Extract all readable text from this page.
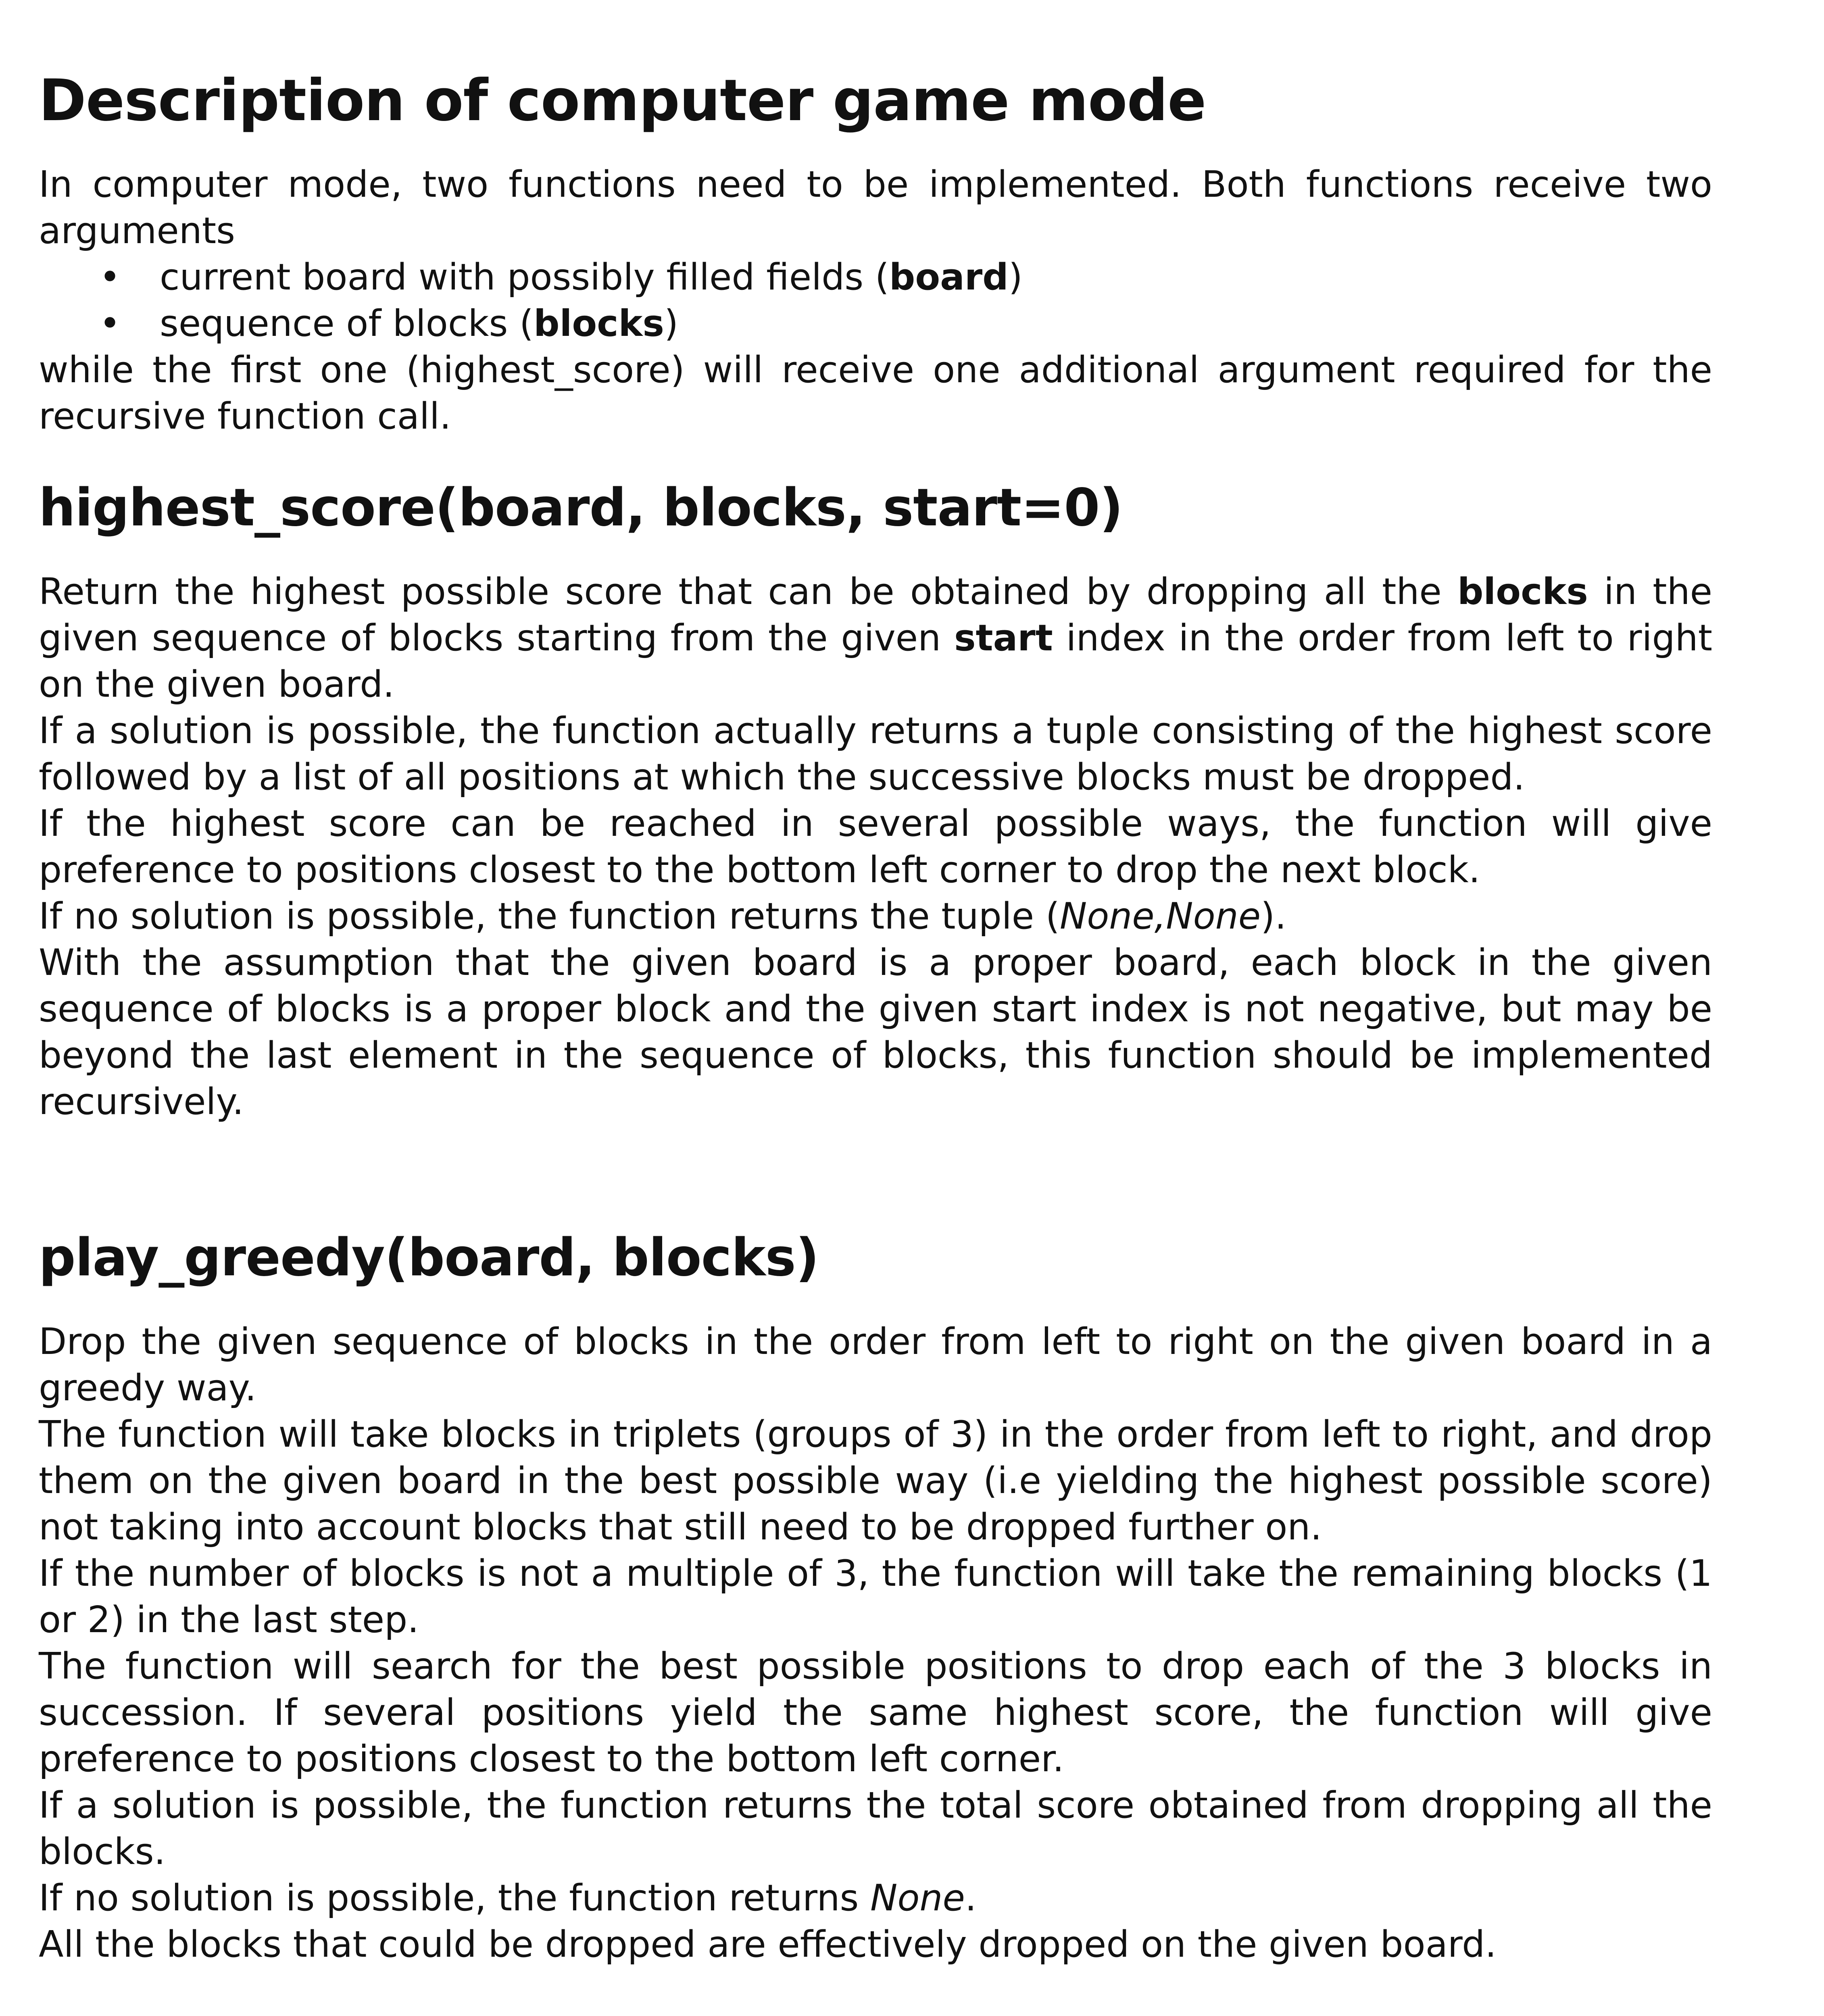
Description of computer game mode

In computer mode, two functions need to be implemented. Both functions receive two arguments

• current board with possibly filled fields (board)
• sequence of blocks (blocks)

while the first one (highest_score) will receive one additional argument required for the recursive function call.

highest_score(board, blocks, start=0)

Return the highest possible score that can be obtained by dropping all the blocks in the given sequence of blocks starting from the given start index in the order from left to right on the given board.

If a solution is possible, the function actually returns a tuple consisting of the highest score followed by a list of all positions at which the successive blocks must be dropped.

If the highest score can be reached in several possible ways, the function will give preference to positions closest to the bottom left corner to drop the next block.

If no solution is possible, the function returns the tuple (None,None).

With the assumption that the given board is a proper board, each block in the given sequence of blocks is a proper block and the given start index is not negative, but may be beyond the last element in the sequence of blocks, this function should be implemented recursively.

play_greedy(board, blocks)

Drop the given sequence of blocks in the order from left to right on the given board in a greedy way.

The function will take blocks in triplets (groups of 3) in the order from left to right, and drop them on the given board in the best possible way (i.e yielding the highest possible score) not taking into account blocks that still need to be dropped further on.

If the number of blocks is not a multiple of 3, the function will take the remaining blocks (1 or 2) in the last step.

The function will search for the best possible positions to drop each of the 3 blocks in succession. If several positions yield the same highest score, the function will give preference to positions closest to the bottom left corner.

If a solution is possible, the function returns the total score obtained from dropping all the blocks.

If no solution is possible, the function returns None.

All the blocks that could be dropped are effectively dropped on the given board.
